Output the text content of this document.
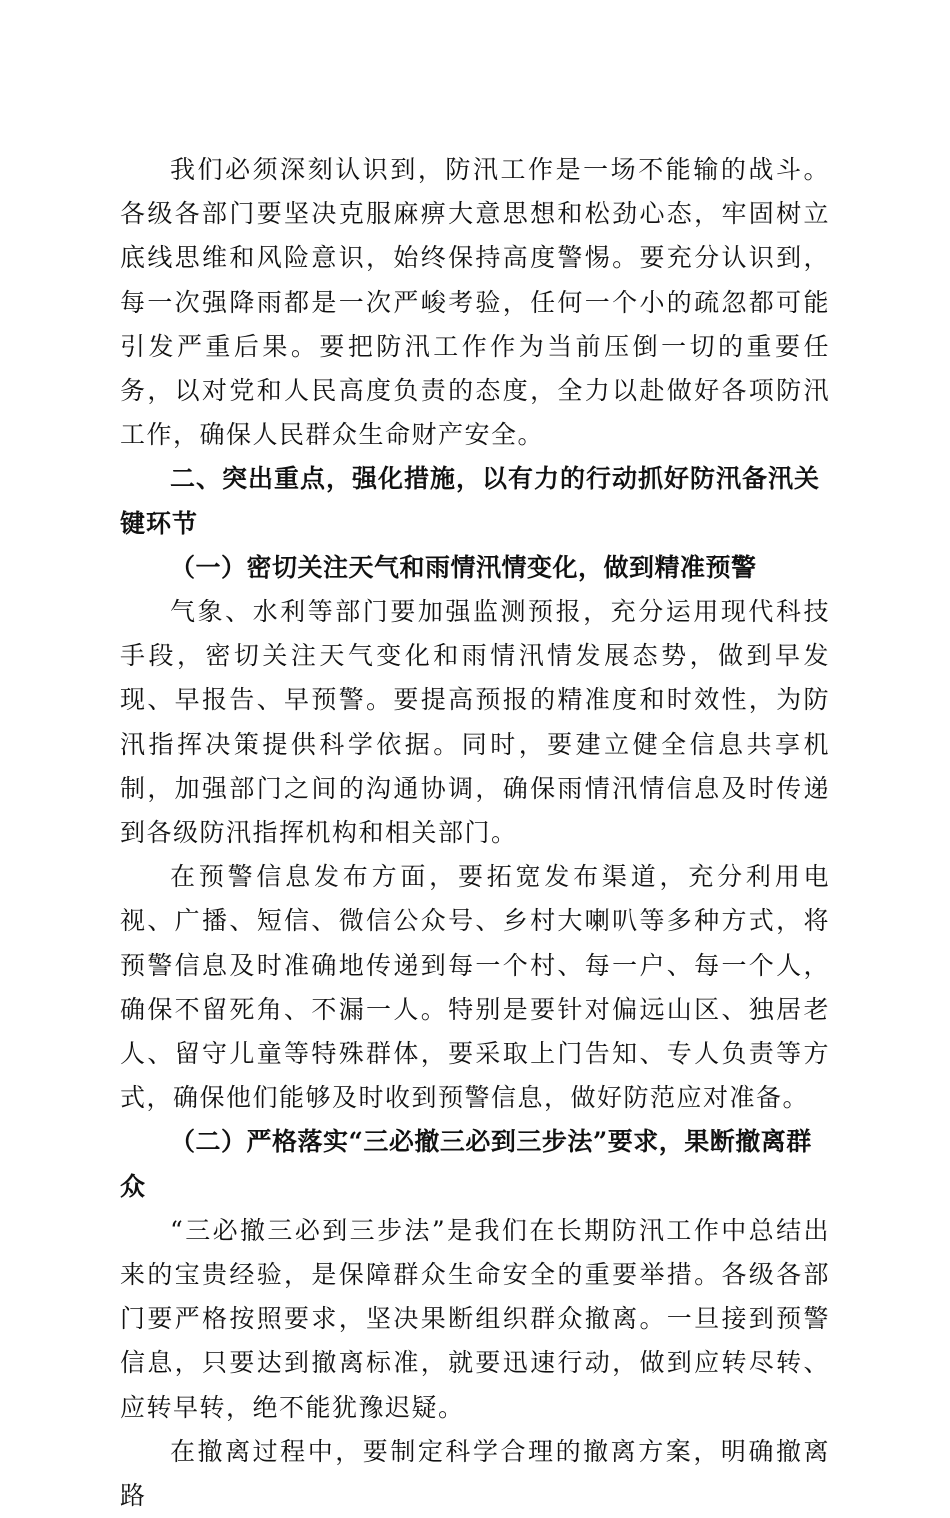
我们必须深刻认识到，防汛工作是一场不能输的战斗。各级各部门要坚决克服麻痹大意思想和松劲心态，牢固树立底线思维和风险意识，始终保持高度警惕。要充分认识到，每一次强降雨都是一次严峻考验，任何一个小的疏忽都可能引发严重后果。要把防汛工作作为当前压倒一切的重要任务，以对党和人民高度负责的态度，全力以赴做好各项防汛工作，确保人民群众生命财产安全。

二、突出重点，强化措施，以有力的行动抓好防汛备汛关键环节

（一）密切关注天气和雨情汛情变化，做到精准预警

气象、水利等部门要加强监测预报，充分运用现代科技手段，密切关注天气变化和雨情汛情发展态势，做到早发现、早报告、早预警。要提高预报的精准度和时效性，为防汛指挥决策提供科学依据。同时，要建立健全信息共享机制，加强部门之间的沟通协调，确保雨情汛情信息及时传递到各级防汛指挥机构和相关部门。

在预警信息发布方面，要拓宽发布渠道，充分利用电视、广播、短信、微信公众号、乡村大喇叭等多种方式，将预警信息及时准确地传递到每一个村、每一户、每一个人，确保不留死角、不漏一人。特别是要针对偏远山区、独居老人、留守儿童等特殊群体，要采取上门告知、专人负责等方式，确保他们能够及时收到预警信息，做好防范应对准备。

（二）严格落实“三必撤三必到三步法”要求，果断撤离群众

“三必撤三必到三步法”是我们在长期防汛工作中总结出来的宝贵经验，是保障群众生命安全的重要举措。各级各部门要严格按照要求，坚决果断组织群众撤离。一旦接到预警信息，只要达到撤离标准，就要迅速行动，做到应转尽转、应转早转，绝不能犹豫迟疑。

在撤离过程中，要制定科学合理的撤离方案，明确撤离路
